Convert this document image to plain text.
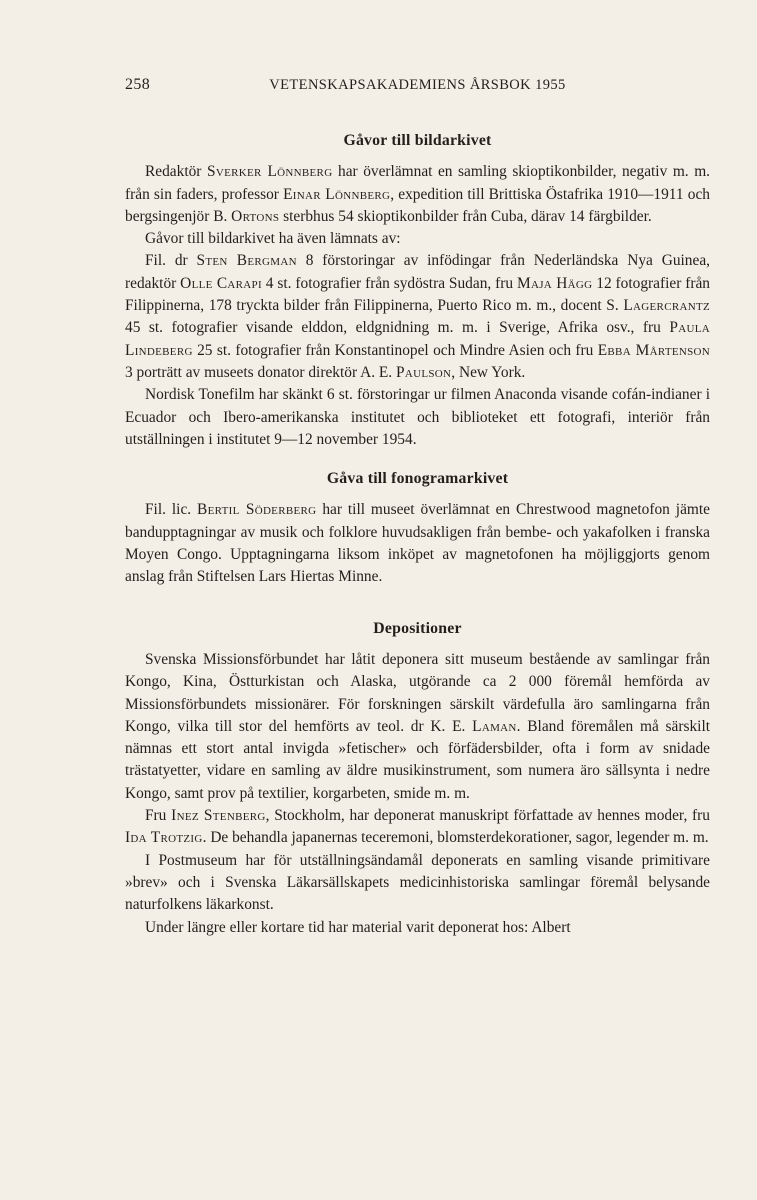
258	VETENSKAPSAKADEMIENS ÅRSBOK 1955
Gåvor till bildarkivet

Redaktör Sverker Lönnberg har överlämnat en samling skioptikonbilder, negativ m. m. från sin faders, professor Einar Lönnberg, expedition till Brittiska Östafrika 1910—1911 och bergsingenjör B. Ortons sterbhus 54 skioptikonbilder från Cuba, därav 14 färgbilder.

Gåvor till bildarkivet ha även lämnats av:

Fil. dr Sten Bergman 8 förstoringar av infödingar från Nederländska Nya Guinea, redaktör Olle Carapi 4 st. fotografier från sydöstra Sudan, fru Maja Hägg 12 fotografier från Filippinerna, 178 tryckta bilder från Filippinerna, Puerto Rico m. m., docent S. Lagercrantz 45 st. fotografier visande elddon, eldgnidning m. m. i Sverige, Afrika osv., fru Paula Lindeberg 25 st. fotografier från Konstantinopel och Mindre Asien och fru Ebba Mårtenson 3 porträtt av museets donator direktör A. E. Paulson, New York.

Nordisk Tonefilm har skänkt 6 st. förstoringar ur filmen Anaconda visande cofán-indianer i Ecuador och Ibero-amerikanska institutet och biblioteket ett fotografi, interiör från utställningen i institutet 9—12 november 1954.

Gåva till fonogramarkivet

Fil. lic. Bertil Söderberg har till museet överlämnat en Chrestwood magnetofon jämte bandupptagningar av musik och folklore huvudsakligen från bembe- och yakafolken i franska Moyen Congo. Upptagningarna liksom inköpet av magnetofonen ha möjliggjorts genom anslag från Stiftelsen Lars Hiertas Minne.

Depositioner

Svenska Missionsförbundet har låtit deponera sitt museum bestående av samlingar från Kongo, Kina, Östturkistan och Alaska, utgörande ca 2 000 föremål hemförda av Missionsförbundets missionärer. För forskningen särskilt värdefulla äro samlingarna från Kongo, vilka till stor del hemförts av teol. dr K. E. Laman. Bland föremålen må särskilt nämnas ett stort antal invigda »fetischer» och förfädersbilder, ofta i form av snidade trästatyetter, vidare en samling av äldre musikinstrument, som numera äro sällsynta i nedre Kongo, samt prov på textilier, korgarbeten, smide m. m.

Fru Inez Stenberg, Stockholm, har deponerat manuskript författade av hennes moder, fru Ida Trotzig. De behandla japanernas teceremoni, blomsterdekorationer, sagor, legender m. m.

I Postmuseum har för utställningsändamål deponerats en samling visande primitivare »brev» och i Svenska Läkarsällskapets medicinhistoriska samlingar föremål belysande naturfolkens läkarkonst.

Under längre eller kortare tid har material varit deponerat hos: Albert
